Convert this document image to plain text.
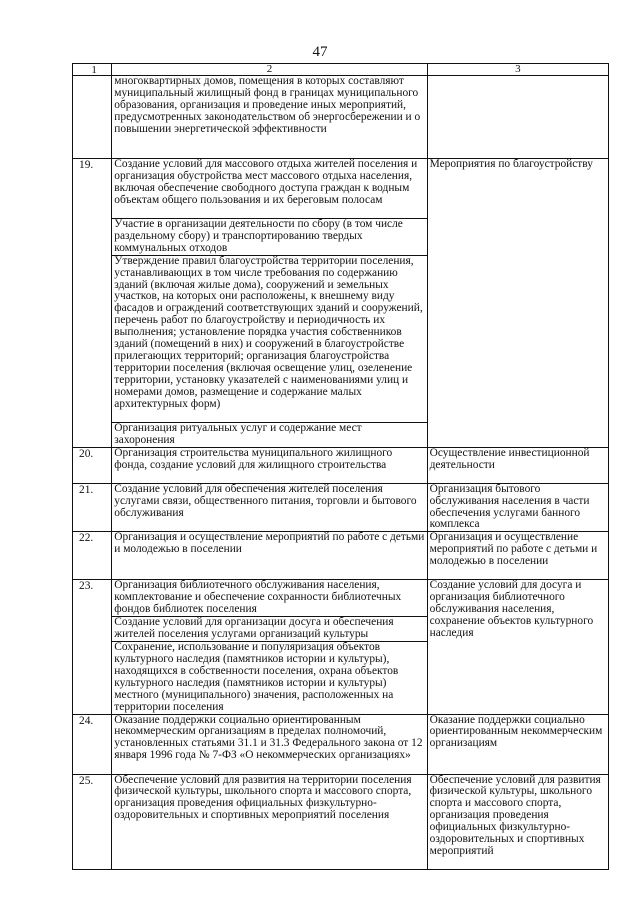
47
1	2	3
	многоквартирных домов, помещения в которых составляют муниципальный жилищный фонд в границах муниципального образования, организация и проведение иных мероприятий, предусмотренных законодательством об энергосбережении и о повышении энергетической эффективности	
19.	Создание условий для массового отдыха жителей поселения и организация обустройства мест массового отдыха населения, включая обеспечение свободного доступа граждан к водным объектам общего пользования и их береговым полосам	Мероприятия по благоустройству
	Участие в организации деятельности по сбору (в том числе раздельному сбору) и транспортированию твердых коммунальных отходов	
	Утверждение правил благоустройства территории поселения, устанавливающих в том числе требования по содержанию зданий (включая жилые дома), сооружений и земельных участков, на которых они расположены, к внешнему виду фасадов и ограждений соответствующих зданий и сооружений, перечень работ по благоустройству и периодичность их выполнения; установление порядка участия собственников зданий (помещений в них) и сооружений в благоустройстве прилегающих территорий; организация благоустройства территории поселения (включая освещение улиц, озеленение территории, установку указателей с наименованиями улиц и номерами домов, размещение и содержание малых архитектурных форм)	
	Организация ритуальных услуг и содержание мест захоронения	
20.	Организация строительства муниципального жилищного фонда, создание условий для жилищного строительства	Осуществление инвестиционной деятельности
21.	Создание условий для обеспечения жителей поселения услугами связи, общественного питания, торговли и бытового обслуживания	Организация бытового обслуживания населения в части обеспечения услугами банного комплекса
22.	Организация и осуществление мероприятий по работе с детьми и молодежью в поселении	Организация и осуществление мероприятий по работе с детьми и молодежью в поселении
23.	Организация библиотечного обслуживания населения, комплектование и обеспечение сохранности библиотечных фондов библиотек поселения	Создание условий для досуга и организация библиотечного обслуживания населения, сохранение объектов культурного наследия
	Создание условий для организации досуга и обеспечения жителей поселения услугами организаций культуры	
	Сохранение, использование и популяризация объектов культурного наследия (памятников истории и культуры), находящихся в собственности поселения, охрана объектов культурного наследия (памятников истории и культуры) местного (муниципального) значения, расположенных на территории поселения	
24.	Оказание поддержки социально ориентированным некоммерческим организациям в пределах полномочий, установленных статьями 31.1 и 31.3 Федерального закона от 12 января 1996 года № 7-ФЗ «О некоммерческих организациях»	Оказание поддержки социально ориентированным некоммерческим организациям
25.	Обеспечение условий для развития на территории поселения физической культуры, школьного спорта и массового спорта, организация проведения официальных физкультурно- оздоровительных и спортивных мероприятий поселения	Обеспечение условий для развития физической культуры, школьного спорта и массового спорта, организация проведения официальных физкультурно-оздоровительных и спортивных мероприятий
